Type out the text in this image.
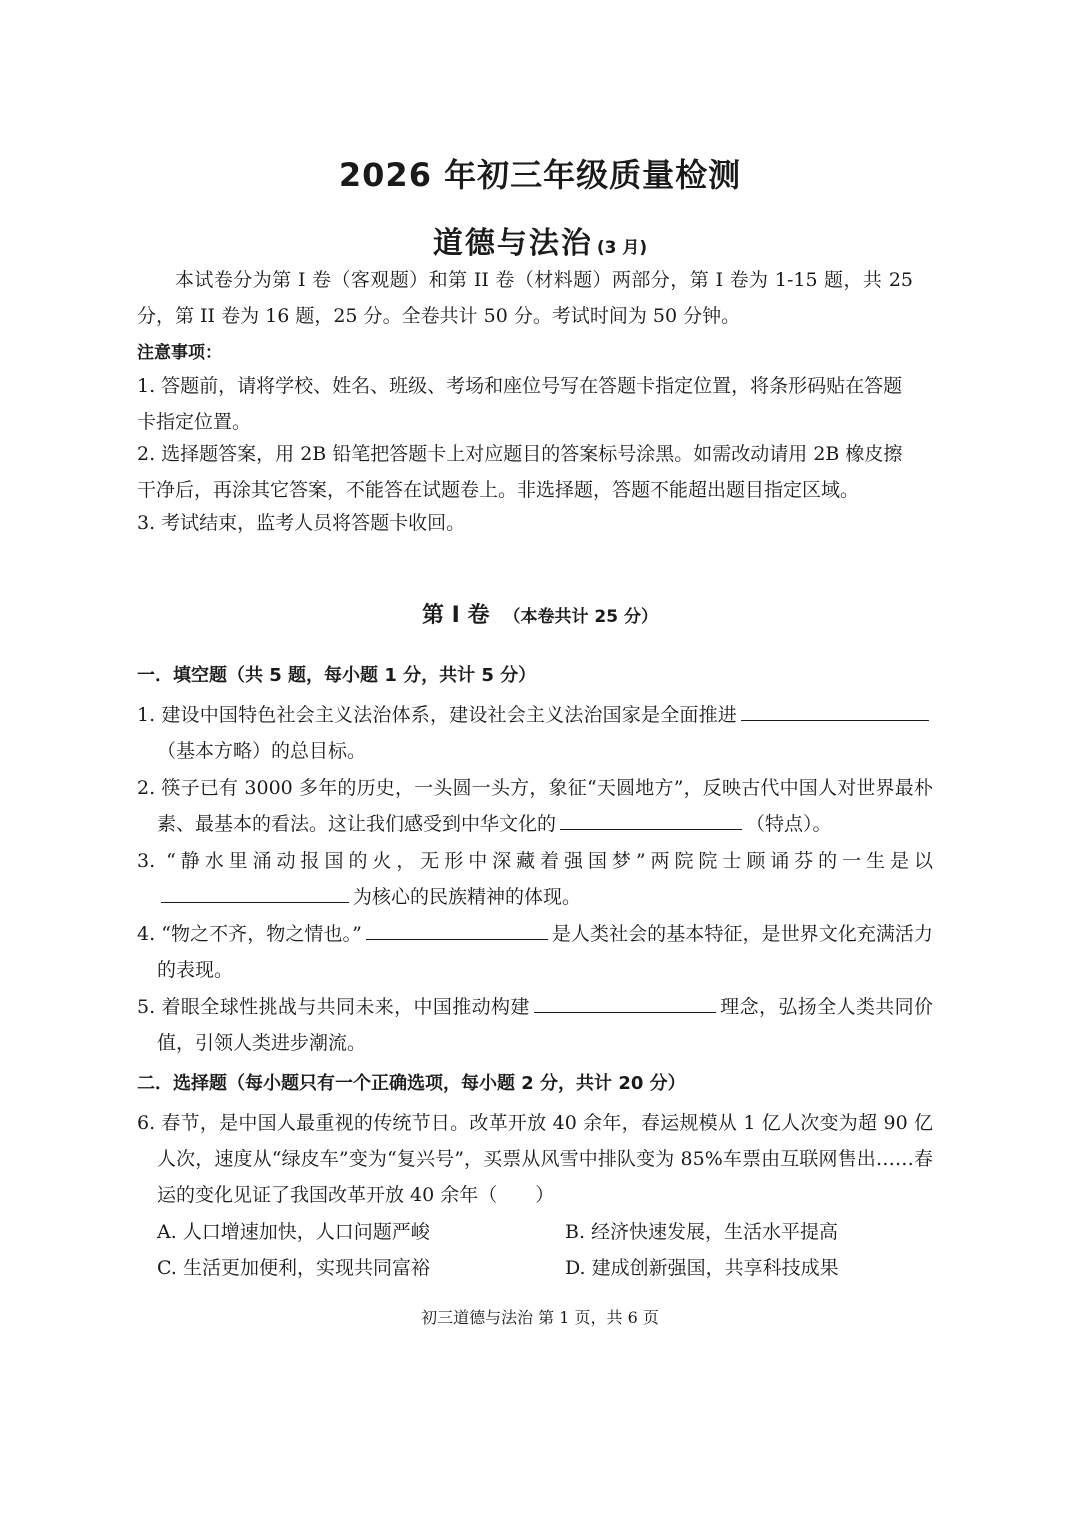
2026 年初三年级质量检测
道德与法治 (3 月)
本试卷分为第 I 卷（客观题）和第 II 卷（材料题）两部分，第 I 卷为 1-15 题，共 25 分，第 II 卷为 16 题，25 分。全卷共计 50 分。考试时间为 50 分钟。
注意事项：
1. 答题前，请将学校、姓名、班级、考场和座位号写在答题卡指定位置，将条形码贴在答题卡指定位置。
2. 选择题答案，用 2B 铅笔把答题卡上对应题目的答案标号涂黑。如需改动请用 2B 橡皮擦干净后，再涂其它答案，不能答在试题卷上。非选择题，答题不能超出题目指定区域。
3. 考试结束，监考人员将答题卡收回。
第 I 卷 （本卷共计 25 分）
一．填空题（共 5 题，每小题 1 分，共计 5 分）
1. 建设中国特色社会主义法治体系，建设社会主义法治国家是全面推进（基本方略）的总目标。
2. 筷子已有 3000 多年的历史，一头圆一头方，象征“天圆地方”，反映古代中国人对世界最朴素、最基本的看法。这让我们感受到中华文化的	（特点）。
3. “静水里涌动报国的火，无形中深藏着强国梦”两院院士顾诵芬的一生是以为核心的民族精神的体现。
4. “物之不齐，物之情也。”	是人类社会的基本特征，是世界文化充满活力的表现。
5. 着眼全球性挑战与共同未来，中国推动构建	理念，弘扬全人类共同价值，引领人类进步潮流。
二．选择题（每小题只有一个正确选项，每小题 2 分，共计 20 分）
6. 春节，是中国人最重视的传统节日。改革开放 40 余年，春运规模从 1 亿人次变为超 90 亿人次，速度从“绿皮车”变为“复兴号”，买票从风雪中排队变为 85%车票由互联网售出……春运的变化见证了我国改革开放 40 余年（　　）
A. 人口增速加快，人口问题严峻	B. 经济快速发展，生活水平提高
C. 生活更加便利，实现共同富裕	D. 建成创新强国，共享科技成果
初三道德与法治 第 1 页，共 6 页
